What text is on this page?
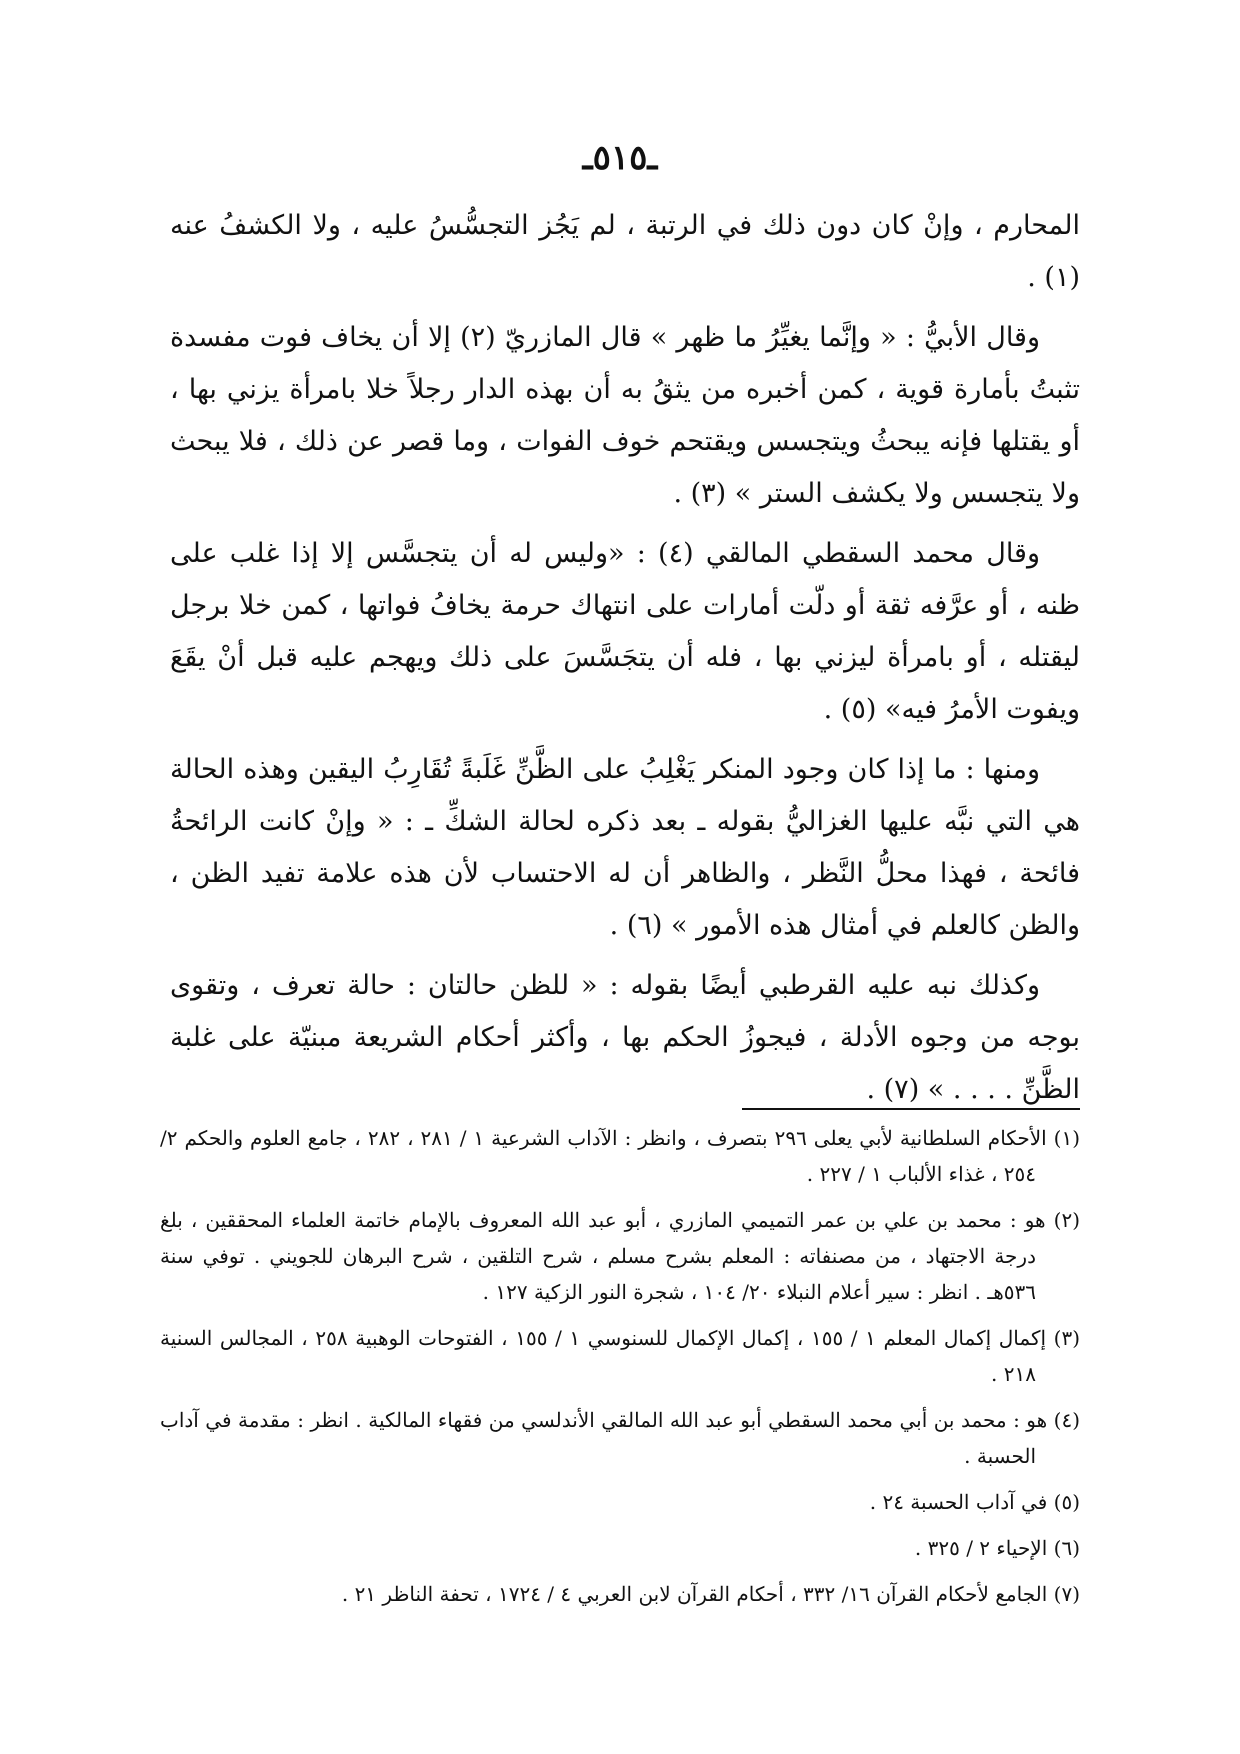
ـ٥١٥ـ

المحارم ، وإنْ كان دون ذلك في الرتبة ، لم يَجُز التجسُّسُ عليه ، ولا الكشفُ عنه (١) .

وقال الأبيُّ : « وإنَّما يغيِّرُ ما ظهر » قال المازريّ (٢) إلا أن يخاف فوت مفسدة تثبتُ بأمارة قوية ، كمن أخبره من يثقُ به أن بهذه الدار رجلاً خلا بامرأة يزني بها ، أو يقتلها فإنه يبحثُ ويتجسس ويقتحم خوف الفوات ، وما قصر عن ذلك ، فلا يبحث ولا يتجسس ولا يكشف الستر » (٣) .

وقال محمد السقطي المالقي (٤) : «وليس له أن يتجسَّس إلا إذا غلب على ظنه ، أو عرَّفه ثقة أو دلّت أمارات على انتهاك حرمة يخافُ فواتها ، كمن خلا برجل ليقتله ، أو بامرأة ليزني بها ، فله أن يتجَسَّسَ على ذلك ويهجم عليه قبل أنْ يقَعَ ويفوت الأمرُ فيه» (٥) .

ومنها : ما إذا كان وجود المنكر يَغْلِبُ على الظَّنِّ غَلَبةً تُقَارِبُ اليقين وهذه الحالة هي التي نبَّه عليها الغزاليُّ بقوله ـ بعد ذكره لحالة الشكِّ ـ : « وإنْ كانت الرائحةُ فائحة ، فهذا محلُّ النَّظر ، والظاهر أن له الاحتساب لأن هذه علامة تفيد الظن ، والظن كالعلم في أمثال هذه الأمور » (٦) .

وكذلك نبه عليه القرطبي أيضًا بقوله : « للظن حالتان : حالة تعرف ، وتقوى بوجه من وجوه الأدلة ، فيجوزُ الحكم بها ، وأكثر أحكام الشريعة مبنيّة على غلبة الظَّنِّ . . . . » (٧) .

(١) الأحكام السلطانية لأبي يعلى ٢٩٦ بتصرف ، وانظر : الآداب الشرعية ١ / ٢٨١ ، ٢٨٢ ، جامع العلوم والحكم ٢/ ٢٥٤ ، غذاء الألباب ١ / ٢٢٧ .
(٢) هو : محمد بن علي بن عمر التميمي المازري ، أبو عبد الله المعروف بالإمام خاتمة العلماء المحققين ، بلغ درجة الاجتهاد ، من مصنفاته : المعلم بشرح مسلم ، شرح التلقين ، شرح البرهان للجويني . توفي سنة ٥٣٦هـ . انظر : سير أعلام النبلاء ٢٠/ ١٠٤ ، شجرة النور الزكية ١٢٧ .
(٣) إكمال إكمال المعلم ١ / ١٥٥ ، إكمال الإكمال للسنوسي ١ / ١٥٥ ، الفتوحات الوهبية ٢٥٨ ، المجالس السنية ٢١٨ .
(٤) هو : محمد بن أبي محمد السقطي أبو عبد الله المالقي الأندلسي من فقهاء المالكية . انظر : مقدمة في آداب الحسبة .
(٥) في آداب الحسبة ٢٤ .
(٦) الإحياء ٢ / ٣٢٥ .
(٧) الجامع لأحكام القرآن ١٦/ ٣٣٢ ، أحكام القرآن لابن العربي ٤ / ١٧٢٤ ، تحفة الناظر ٢١ .
